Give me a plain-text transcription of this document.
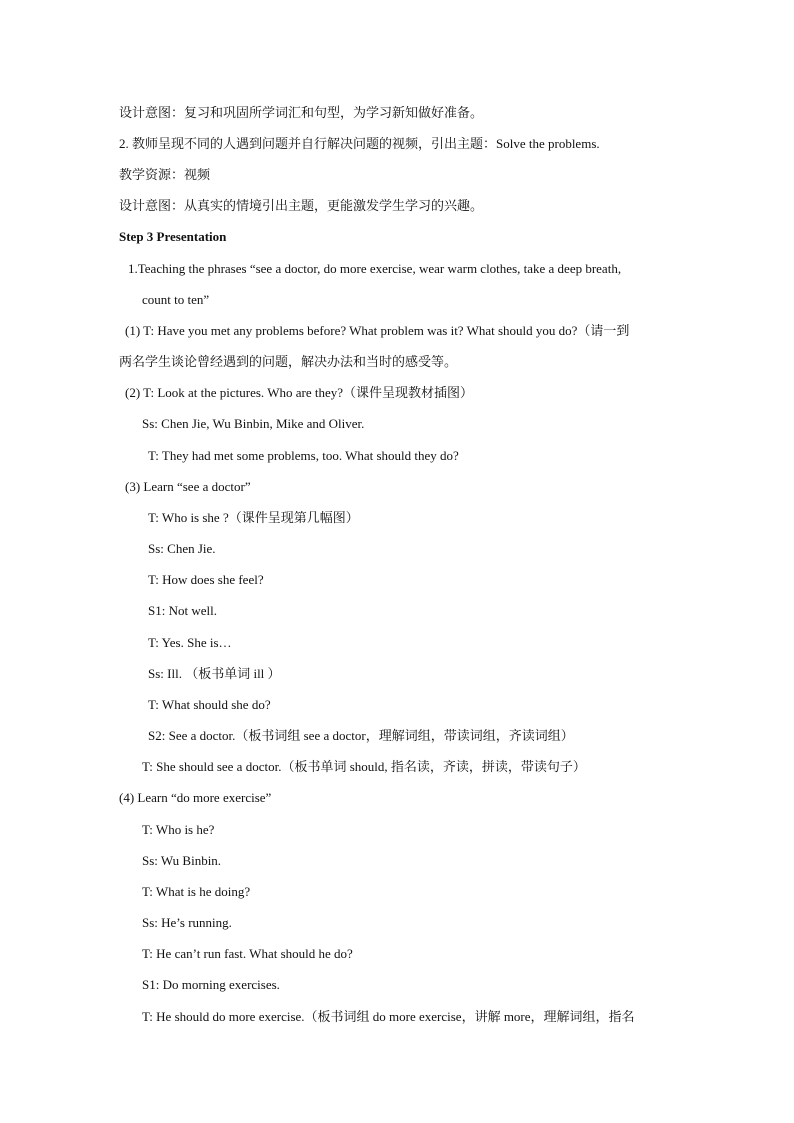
设计意图：复习和巩固所学词汇和句型，为学习新知做好准备。
2. 教师呈现不同的人遇到问题并自行解决问题的视频，引出主题：Solve the problems.
教学资源：视频
设计意图：从真实的情境引出主题，更能激发学生学习的兴趣。
Step 3 Presentation
1.Teaching the phrases “see a doctor, do more exercise, wear warm clothes, take a deep breath,
count to ten”
(1) T: Have you met any problems before? What problem was it? What should you do?（请一到
两名学生谈论曾经遇到的问题，解决办法和当时的感受等。
(2) T: Look at the pictures. Who are they?（课件呈现教材插图）
Ss: Chen Jie, Wu Binbin, Mike and Oliver.
T: They had met some problems, too. What should they do?
(3) Learn “see a doctor”
T: Who is she ?（课件呈现第几幅图）
Ss: Chen Jie.
T: How does she feel?
S1: Not well.
T: Yes. She is…
Ss: Ill. （板书单词 ill ）
T: What should she do?
S2: See a doctor.（板书词组 see a doctor，理解词组，带读词组，齐读词组）
T: She should see a doctor.（板书单词 should, 指名读，齐读，拼读，带读句子）
(4) Learn “do more exercise”
T: Who is he?
Ss: Wu Binbin.
T: What is he doing?
Ss: He’s running.
T: He can’t run fast. What should he do?
S1: Do morning exercises.
T: He should do more exercise.（板书词组 do more exercise，讲解 more，理解词组，指名
